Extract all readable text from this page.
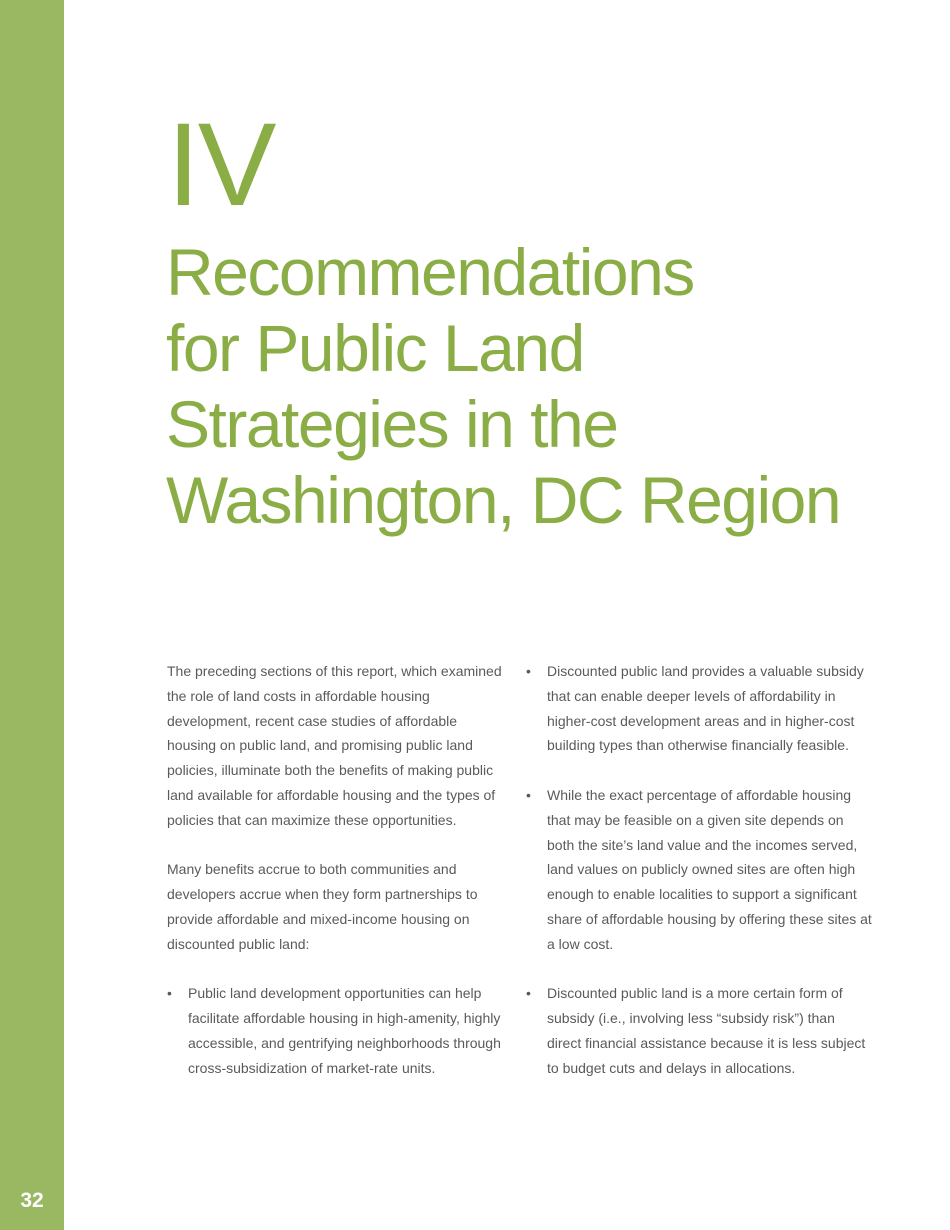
32
IV
Recommendations
for Public Land
Strategies in the
Washington, DC Region

The preceding sections of this report, which examined the role of land costs in affordable housing development, recent case studies of affordable housing on public land, and promising public land policies, illuminate both the benefits of making public land available for affordable housing and the types of policies that can maximize these opportunities.

Many benefits accrue to both communities and developers accrue when they form partnerships to provide affordable and mixed-income housing on discounted public land:

• Public land development opportunities can help facilitate affordable housing in high-amenity, highly accessible, and gentrifying neighborhoods through cross-subsidization of market-rate units.
• Discounted public land provides a valuable subsidy that can enable deeper levels of affordability in higher-cost development areas and in higher-cost building types than otherwise financially feasible.
• While the exact percentage of affordable housing that may be feasible on a given site depends on both the site’s land value and the incomes served, land values on publicly owned sites are often high enough to enable localities to support a significant share of affordable housing by offering these sites at a low cost.
• Discounted public land is a more certain form of subsidy (i.e., involving less “subsidy risk”) than direct financial assistance because it is less subject to budget cuts and delays in allocations.
